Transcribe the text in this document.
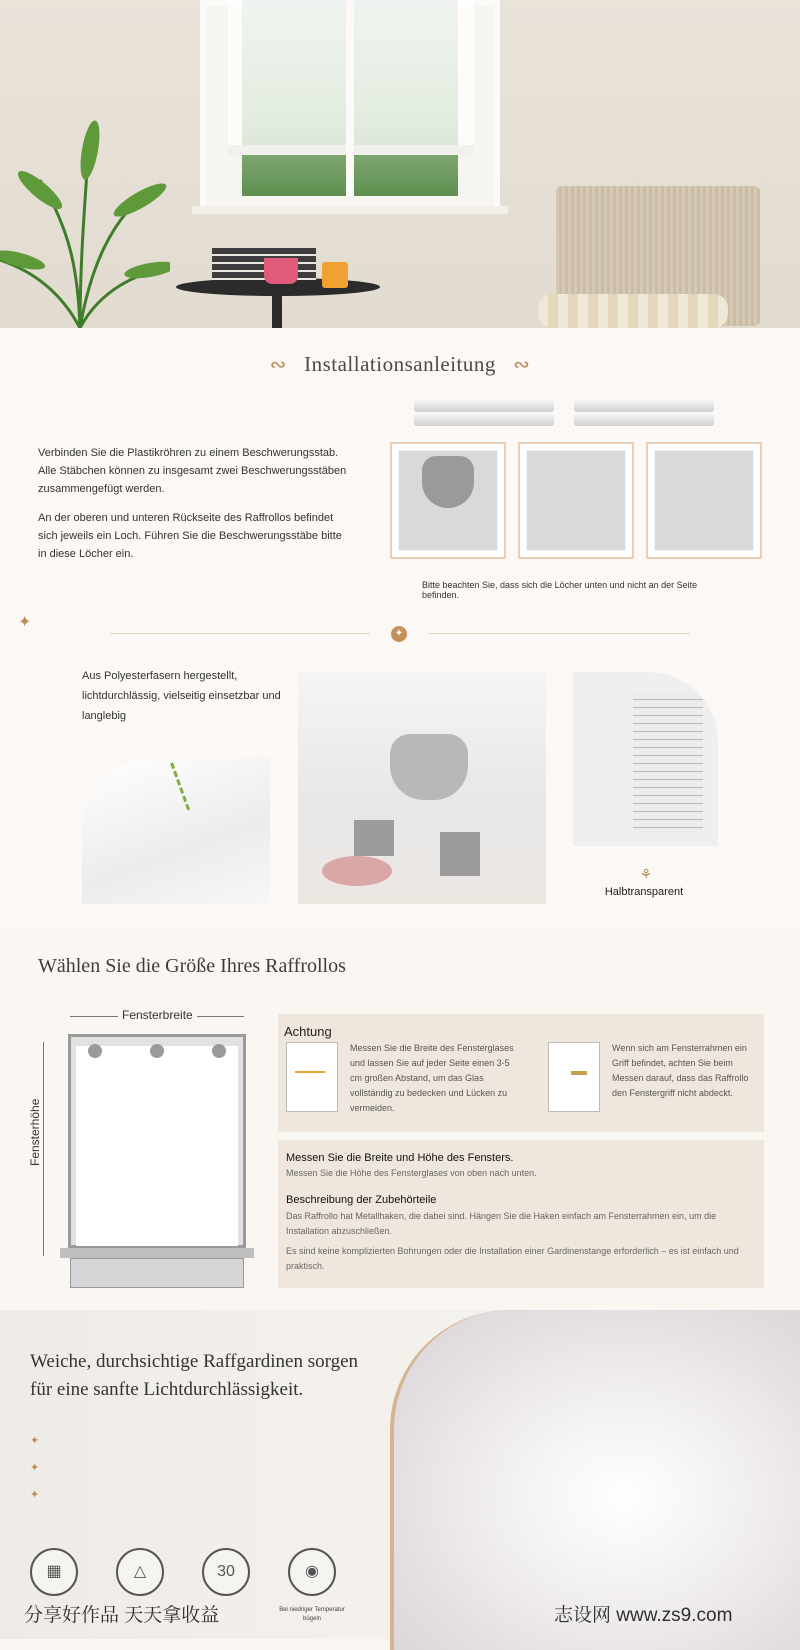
∾ Installationsanleitung ∾
Verbinden Sie die Plastikröhren zu einem Beschwerungsstab. Alle Stäbchen können zu insgesamt zwei Beschwerungsstäben zusammengefügt werden.
An der oberen und unteren Rückseite des Raffrollos befindet sich jeweils ein Loch. Führen Sie die Beschwerungsstäbe bitte in diese Löcher ein.
Bitte beachten Sie, dass sich die Löcher unten und nicht an der Seite befinden.
✦
✦
Aus Polyesterfasern hergestellt, lichtdurchlässig, vielseitig einsetzbar und langlebig
⚘
Halbtransparent
Wählen Sie die Größe Ihres Raffrollos
Fensterbreite
Fensterhöhe
Achtung
Messen Sie die Breite des Fensterglases und lassen Sie auf jeder Seite einen 3-5 cm großen Abstand, um das Glas vollständig zu bedecken und Lücken zu vermeiden.
Wenn sich am Fensterrahmen ein Griff befindet, achten Sie beim Messen darauf, dass das Raffrollo den Fenstergriff nicht abdeckt.
Messen Sie die Breite und Höhe des Fensters.
Messen Sie die Höhe des Fensterglases von oben nach unten.
Beschreibung der Zubehörteile
Das Raffrollo hat Metallhaken, die dabei sind. Hängen Sie die Haken einfach am Fensterrahmen ein, um die Installation abzuschließen.
Es sind keine komplizierten Bohrungen oder die Installation einer Gardinenstange erforderlich – es ist einfach und praktisch.
Weiche, durchsichtige Raffgardinen sorgen
für eine sanfte Lichtdurchlässigkeit.
✦
✦
✦
▦	△	30	◉
Bei niedriger Temperatur bügeln
分享好作品 天天拿收益	志设网 www.zs9.com
